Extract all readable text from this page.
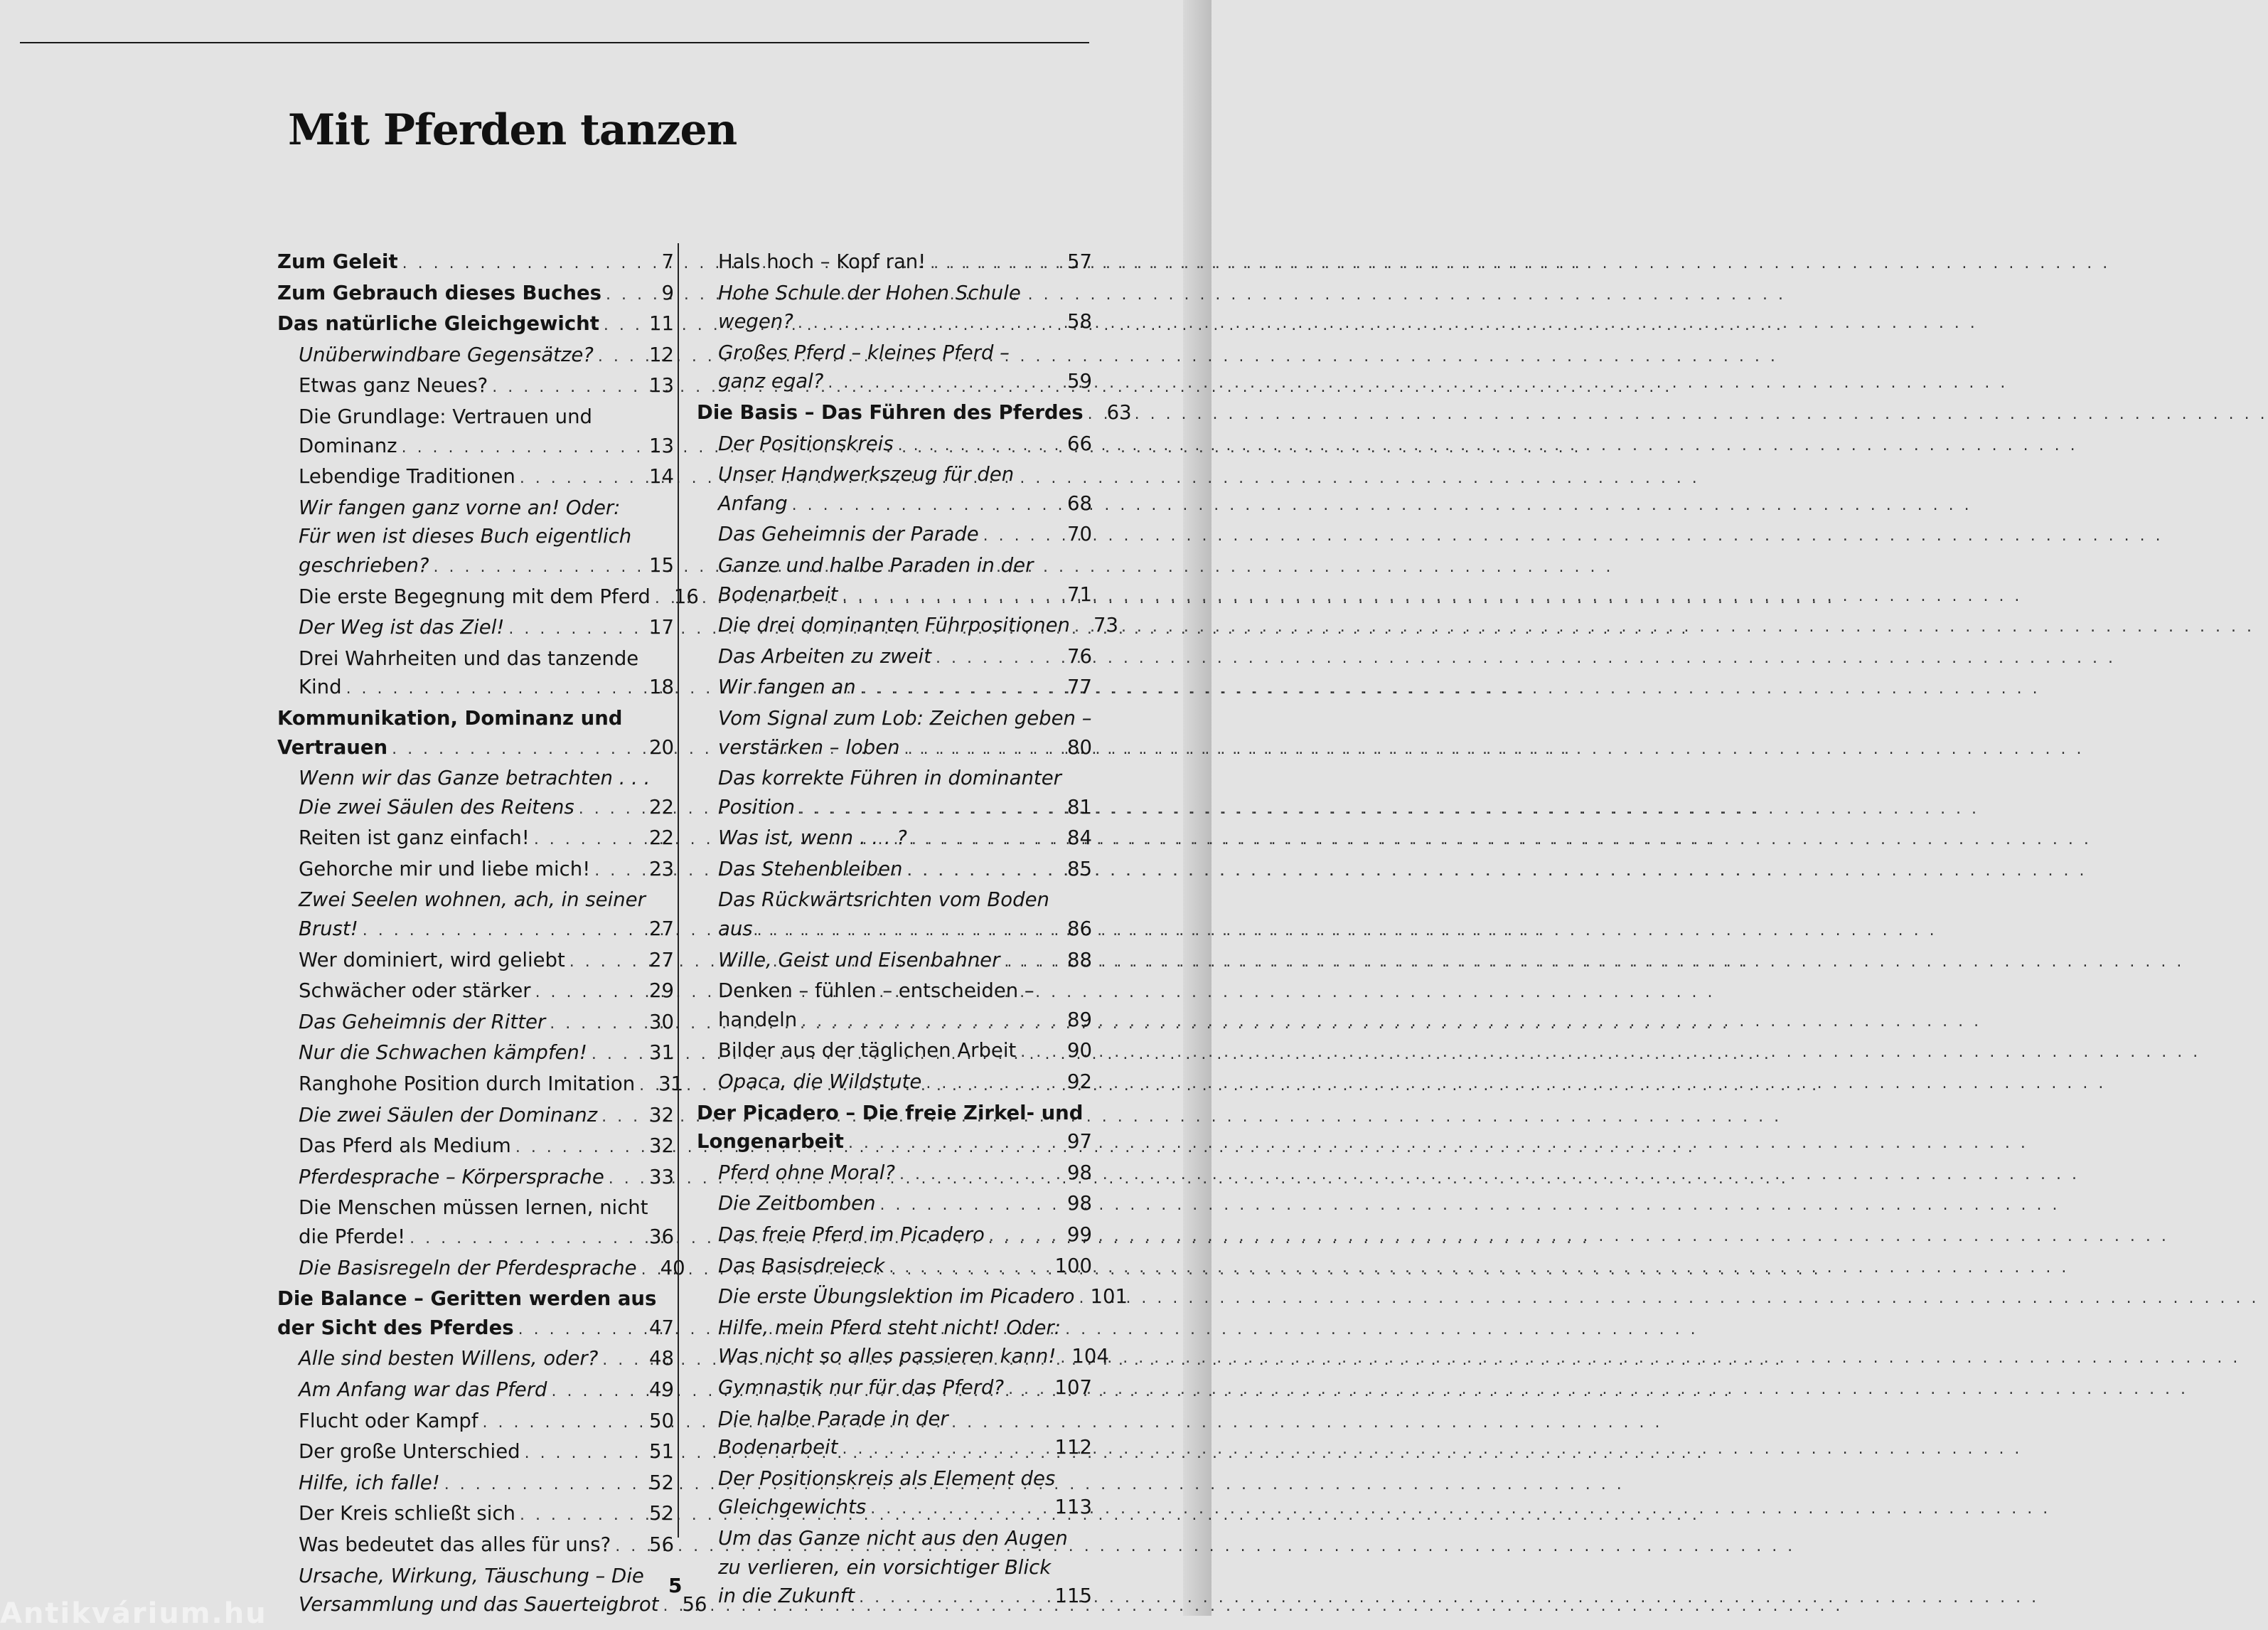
Mit Pferden tanzen
Zum Geleit . . .	7
Zum Gebrauch dieses Buches . . .	9
Das natürliche Gleichgewicht . . .	11
Unüberwindbare Gegensätze? . . .	12
Etwas ganz Neues? . . .	13
Die Grundlage: Vertrauen und
Dominanz . . .	13
Lebendige Traditionen . . .	14
Wir fangen ganz vorne an! Oder:
Für wen ist dieses Buch eigentlich
geschrieben? . . .	15
Die erste Begegnung mit dem Pferd . . .	16
Der Weg ist das Ziel! . . .	17
Drei Wahrheiten und das tanzende
Kind . . .	18
Kommunikation, Dominanz und
Vertrauen . . .	20
Wenn wir das Ganze betrachten . . .
Die zwei Säulen des Reitens . . .	22
Reiten ist ganz einfach! . . .	22
Gehorche mir und liebe mich! . . .	23
Zwei Seelen wohnen, ach, in seiner
Brust! . . .	27
Wer dominiert, wird geliebt . . .	27
Schwächer oder stärker . . .	29
Das Geheimnis der Ritter . . .	30
Nur die Schwachen kämpfen! . . .	31
Ranghohe Position durch Imitation . . .	31
Die zwei Säulen der Dominanz . . .	32
Das Pferd als Medium . . .	32
Pferdesprache – Körpersprache . . .	33
Die Menschen müssen lernen, nicht
die Pferde! . . .	36
Die Basisregeln der Pferdesprache . . .	40
Die Balance – Geritten werden aus
der Sicht des Pferdes . . .	47
Alle sind besten Willens, oder? . . .	48
Am Anfang war das Pferd . . .	49
Flucht oder Kampf . . .	50
Der große Unterschied . . .	51
Hilfe, ich falle! . . .	52
Der Kreis schließt sich . . .	52
Was bedeutet das alles für uns? . . .	56
Ursache, Wirkung, Täuschung – Die
Versammlung und das Sauerteigbrot . . .	56
Hals hoch – Kopf ran! . . .	57
Hohe Schule der Hohen Schule
wegen? . . .	58
Großes Pferd – kleines Pferd –
ganz egal? . . .	59
Die Basis – Das Führen des Pferdes . . .	63
Der Positionskreis . . .	66
Unser Handwerkszeug für den
Anfang . . .	68
Das Geheimnis der Parade . . .	70
Ganze und halbe Paraden in der
Bodenarbeit . . .	71
Die drei dominanten Führpositionen . . .	73
Das Arbeiten zu zweit . . .	76
Wir fangen an . . .	77
Vom Signal zum Lob: Zeichen geben –
verstärken – loben . . .	80
Das korrekte Führen in dominanter
Position . . .	81
Was ist, wenn . . . ? . . .	84
Das Stehenbleiben . . .	85
Das Rückwärtsrichten vom Boden
aus . . .	86
Wille, Geist und Eisenbahner . . .	88
Denken – fühlen – entscheiden –
handeln . . .	89
Bilder aus der täglichen Arbeit . . .	90
Opaca, die Wildstute . . .	92
Der Picadero – Die freie Zirkel- und
Longenarbeit . . .	97
Pferd ohne Moral? . . .	98
Die Zeitbomben . . .	98
Das freie Pferd im Picadero . . .	99
Das Basisdreieck . . .	100
Die erste Übungslektion im Picadero . . . 101
Hilfe, mein Pferd steht nicht! Oder:
Was nicht so alles passieren kann! . . . 104
Gymnastik nur für das Pferd? . . .	107
Die halbe Parade in der
Bodenarbeit . . .	112
Der Positionskreis als Element des
Gleichgewichts . . .	113
Um das Ganze nicht aus den Augen
zu verlieren, ein vorsichtiger Blick
in die Zukunft . . .	115
5
Antikvárium.hu
